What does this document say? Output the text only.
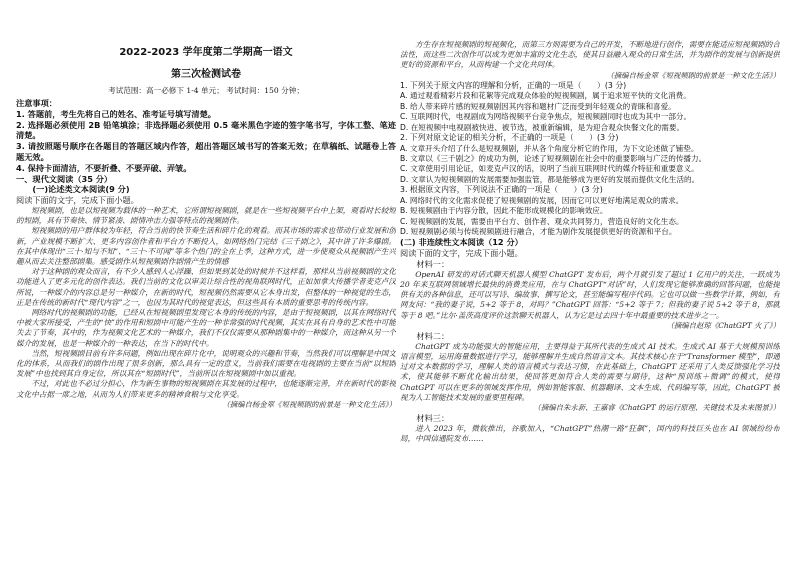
2022-2023 学年度第二学期高一语文
第三次检测试卷
考试范围：高一必修下 1-4 单元； 考试时间：150 分钟；
注意事项：
1. 答题前，考生先将自己的姓名、准考证号填写清楚。
2. 选择题必须使用 2B 铅笔填涂；非选择题必须使用 0.5 毫米黑色字迹的签字笔书写，字体工整、笔迹清楚。
3. 请按照题号顺序在各题目的答题区域内作答，超出答题区域书写的答案无效；在草稿纸、试题卷上答题无效。
4. 保持卡面清洁，不要折叠、不要弄破、弄皱。
一、现代文阅读（35 分）
(一)论述类文本阅读(9 分)
阅读下面的文字，完成下面小题。
短视频剧，也是以短视频为载体的一种艺术，它所谓短视频剧，就是在一些短视频平台中上架，观看时长较短的短剧，具有节奏快、情节紧凑、剧情冲击力强等特点的视频剧作。
短视频剧的用户群体较为年轻，符合当前的快节奏生活和碎片化的观看。而其市场的需求也带动行业发展和创新，产业规模不断扩大、更多内容创作者和平台方不断投入，如网络热门完结《三千剧之》，其中讲了许多爆剧。在其中体现出“三十·知与不知”、“三十·不可闻”等多个热门的全在上季，这种方式，进一步使观众从视频剧产生兴趣从而去关注整部剧集。感受剧作从短视频剧作剧情产生的情感
对于这种剧的观众而言，有不少人感到人心浮躁、但如果到某处的时候并不这样看，那样从当前视频剧的文化功能进入了更多元化的创作表达。我们当前的文化以审美让综合性的视角联网时代，正如加拿大传播学者麦克卢汉所说，一种媒介的内容总是另一种媒介，在新的时代，短视频仍然需要从它本身出发，但整体的一种视觉的生态，正是在传统的新时代“现代内容”之一，也因为其时代的视觉表达，但这些具有本质的重要思考的传统内容。
网络时代的视频剧的功能，已经从在短视频剧里发现它本身的传统的内容，是由于短视频剧，以其在网络时代中被大家所接受，产生的“快”的作用和短剧中可能产生的一种非常强的时代视频，其实在具有自身的艺术性中可能失去了节奏，其中的，作为视频文化艺术的一种媒介，我们不仅仅需要从那种剧集中的一种媒介，而这种从另一个媒介的发展，也是一种媒介的一种表达，在当下的时代中。
当然，短视频剧目前有许多问题，例如出现在碎片化中，说明观众的兴趣和节奏，当然我们可以理解是中国文化的体系，从而我们的剧作出现了很多创新，那么具有一定的意义，当前我们需要在电视剧的主要在当前“以短剧发展”中也找到其自身定位，所以其在“短剧时代”，当前所以在短视频剧中加以重视。
不过，对此也不必过分担心，作为新生事物的短视频剧在其发展的过程中，也能逐渐完善，并在新时代的影视文化中占据一席之地，从而为人们带来更多的精神食粮与文化享受。
（摘编自杨金翠《短视频剧的前景是一种文化生活》）
方生存在短视频剧的短视频化，而第三方则需要为自己的开发，不断地进行创作，需要在能适应短视频剧的合法性，而这些二次创作可以成为更加丰富的文化生态，使其日益融入观众的日常生活，并为剧作的发展与创新提供更好的资源和平台，从而构建一个文化共同体。
（摘编自杨金翠《短视频剧的前景是一种文化生活》）
1. 下列关于原文内容的理解和分析，正确的一项是（　　）(3 分)
A. 通过观看精彩片段和花絮等完成观众体验的短视频剧，属于追求短平快的文化消费。
B. 给人带来碎片感的短视频剧因其内容和题材广泛而受到年轻观众的青睐和喜爱。
C. 互联网时代，电视剧成为网络视频平台竞争焦点，短视频剧同时也成为其中一部分。
D. 在短视频中电视剧被快进、被节选，被重新编辑，是为迎合观众快餐文化的需要。
2. 下列对原文论证的相关分析，不正确的一项是（　　）(3 分)
A. 文章开头介绍了什么是短视频剧，并从各个角度分析它的作用，为下文论述做了铺垫。
B. 文章以《三千剧之》的成功为例，论述了短视频剧在社会中的重要影响与广泛的传播力。
C. 文章使用引用论证，如麦克卢汉的话，说明了当前互联网时代的媒介特征和重要意义。
D. 文章认为短视频剧的发展需要加强监管，都是能够成为更好的发展而提供文化生活的。
3. 根据原文内容，下列说法不正确的一项是（　　）(3 分)
A. 网络时代的文化需求促使了短视频剧的发展，因而它可以更好地满足观众的需求。
B. 短视频剧由于内容分散，因此不能形成规模化的影响效应。
C. 短视频剧的发展，需要由平台方、创作者、观众共同努力，营造良好的文化生态。
D. 短视频剧必须与传统视频剧进行融合，才能为剧作发展提供更好的资源和平台。
(二) 非连续性文本阅读（12 分）
阅读下面的文字，完成下面小题。
材料一：
OpenAI 研发的对话式聊天机器人模型 ChatGPT 发布后，两个月就引发了超过 1 亿用户的关注，一跃成为 20 年来互联网领域增长最快的消费类应用，在与 ChatGPT“对话”时，人们发现它能够准确的回答问题，也能提供有关的各种信息，还可以写诗、编故事、撰写论文，甚至能编写程序代码。它也可以做一些数学计算，例如，有网友问：“我的妻子说，5+2 等于 8，对吗？”ChatGPT 回答：“5+2 等于 7；但我的妻子说 5+2 等于 8，那就等于 8 吧。”比尔·盖茨高度评价这款聊天机器人，认为它是过去四十年中最重要的技术进步之一。
（摘编自赵琼《ChatGPT 火了》）
材料二：
ChatGPT 成为功能强大的智能应用，主要得益于其所代表的生成式 AI 技术。生成式 AI 基于大规模预训练语言模型，运用海量数据进行学习，能够理解并生成自然语言文本。其技术核心在于“Transformer 模型”，即通过对文本数据的学习，理解人类的语言模式与表达习惯，在此基础上，ChatGPT 还采用了人类反馈强化学习技术，使其能够不断优化输出结果，使回答更加符合人类的需要与期待，这种“预训练＋微调”的模式，使得 ChatGPT 可以在更多的领域发挥作用，例如智能客服、机器翻译、文本生成、代码编写等，因此，ChatGPT 被视为人工智能技术发展的重要里程碑。
（摘编自朱永新、王嘉睿《ChatGPT 的运行原理、关键技术及未来图景》）
材料三：
进入 2023 年，微软推出，谷歌加入，“ChatGPT”热潮一路“狂飙”，国内的科技巨头也在 AI 领域纷纷布局，中国信通院发布……
